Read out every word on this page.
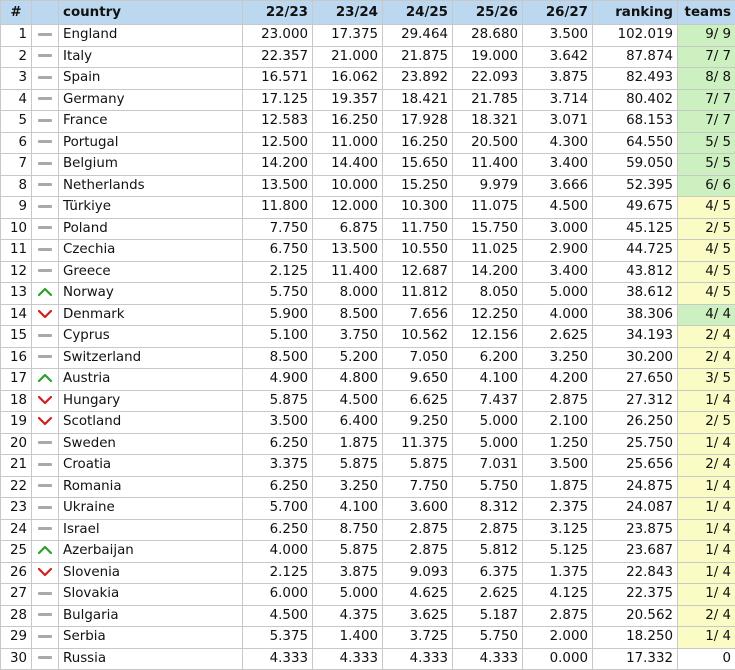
#		country	22/23	23/24	24/25	25/26	26/27	ranking	teams
1		England	23.000	17.375	29.464	28.680	3.500	102.019	9/ 9
2		Italy	22.357	21.000	21.875	19.000	3.642	87.874	7/ 7
3		Spain	16.571	16.062	23.892	22.093	3.875	82.493	8/ 8
4		Germany	17.125	19.357	18.421	21.785	3.714	80.402	7/ 7
5		France	12.583	16.250	17.928	18.321	3.071	68.153	7/ 7
6		Portugal	12.500	11.000	16.250	20.500	4.300	64.550	5/ 5
7		Belgium	14.200	14.400	15.650	11.400	3.400	59.050	5/ 5
8		Netherlands	13.500	10.000	15.250	9.979	3.666	52.395	6/ 6
9		Türkiye	11.800	12.000	10.300	11.075	4.500	49.675	4/ 5
10		Poland	7.750	6.875	11.750	15.750	3.000	45.125	2/ 5
11		Czechia	6.750	13.500	10.550	11.025	2.900	44.725	4/ 5
12		Greece	2.125	11.400	12.687	14.200	3.400	43.812	4/ 5
13		Norway	5.750	8.000	11.812	8.050	5.000	38.612	4/ 5
14		Denmark	5.900	8.500	7.656	12.250	4.000	38.306	4/ 4
15		Cyprus	5.100	3.750	10.562	12.156	2.625	34.193	2/ 4
16		Switzerland	8.500	5.200	7.050	6.200	3.250	30.200	2/ 4
17		Austria	4.900	4.800	9.650	4.100	4.200	27.650	3/ 5
18		Hungary	5.875	4.500	6.625	7.437	2.875	27.312	1/ 4
19		Scotland	3.500	6.400	9.250	5.000	2.100	26.250	2/ 5
20		Sweden	6.250	1.875	11.375	5.000	1.250	25.750	1/ 4
21		Croatia	3.375	5.875	5.875	7.031	3.500	25.656	2/ 4
22		Romania	6.250	3.250	7.750	5.750	1.875	24.875	1/ 4
23		Ukraine	5.700	4.100	3.600	8.312	2.375	24.087	1/ 4
24		Israel	6.250	8.750	2.875	2.875	3.125	23.875	1/ 4
25		Azerbaijan	4.000	5.875	2.875	5.812	5.125	23.687	1/ 4
26		Slovenia	2.125	3.875	9.093	6.375	1.375	22.843	1/ 4
27		Slovakia	6.000	5.000	4.625	2.625	4.125	22.375	1/ 4
28		Bulgaria	4.500	4.375	3.625	5.187	2.875	20.562	2/ 4
29		Serbia	5.375	1.400	3.725	5.750	2.000	18.250	1/ 4
30		Russia	4.333	4.333	4.333	4.333	0.000	17.332	0
